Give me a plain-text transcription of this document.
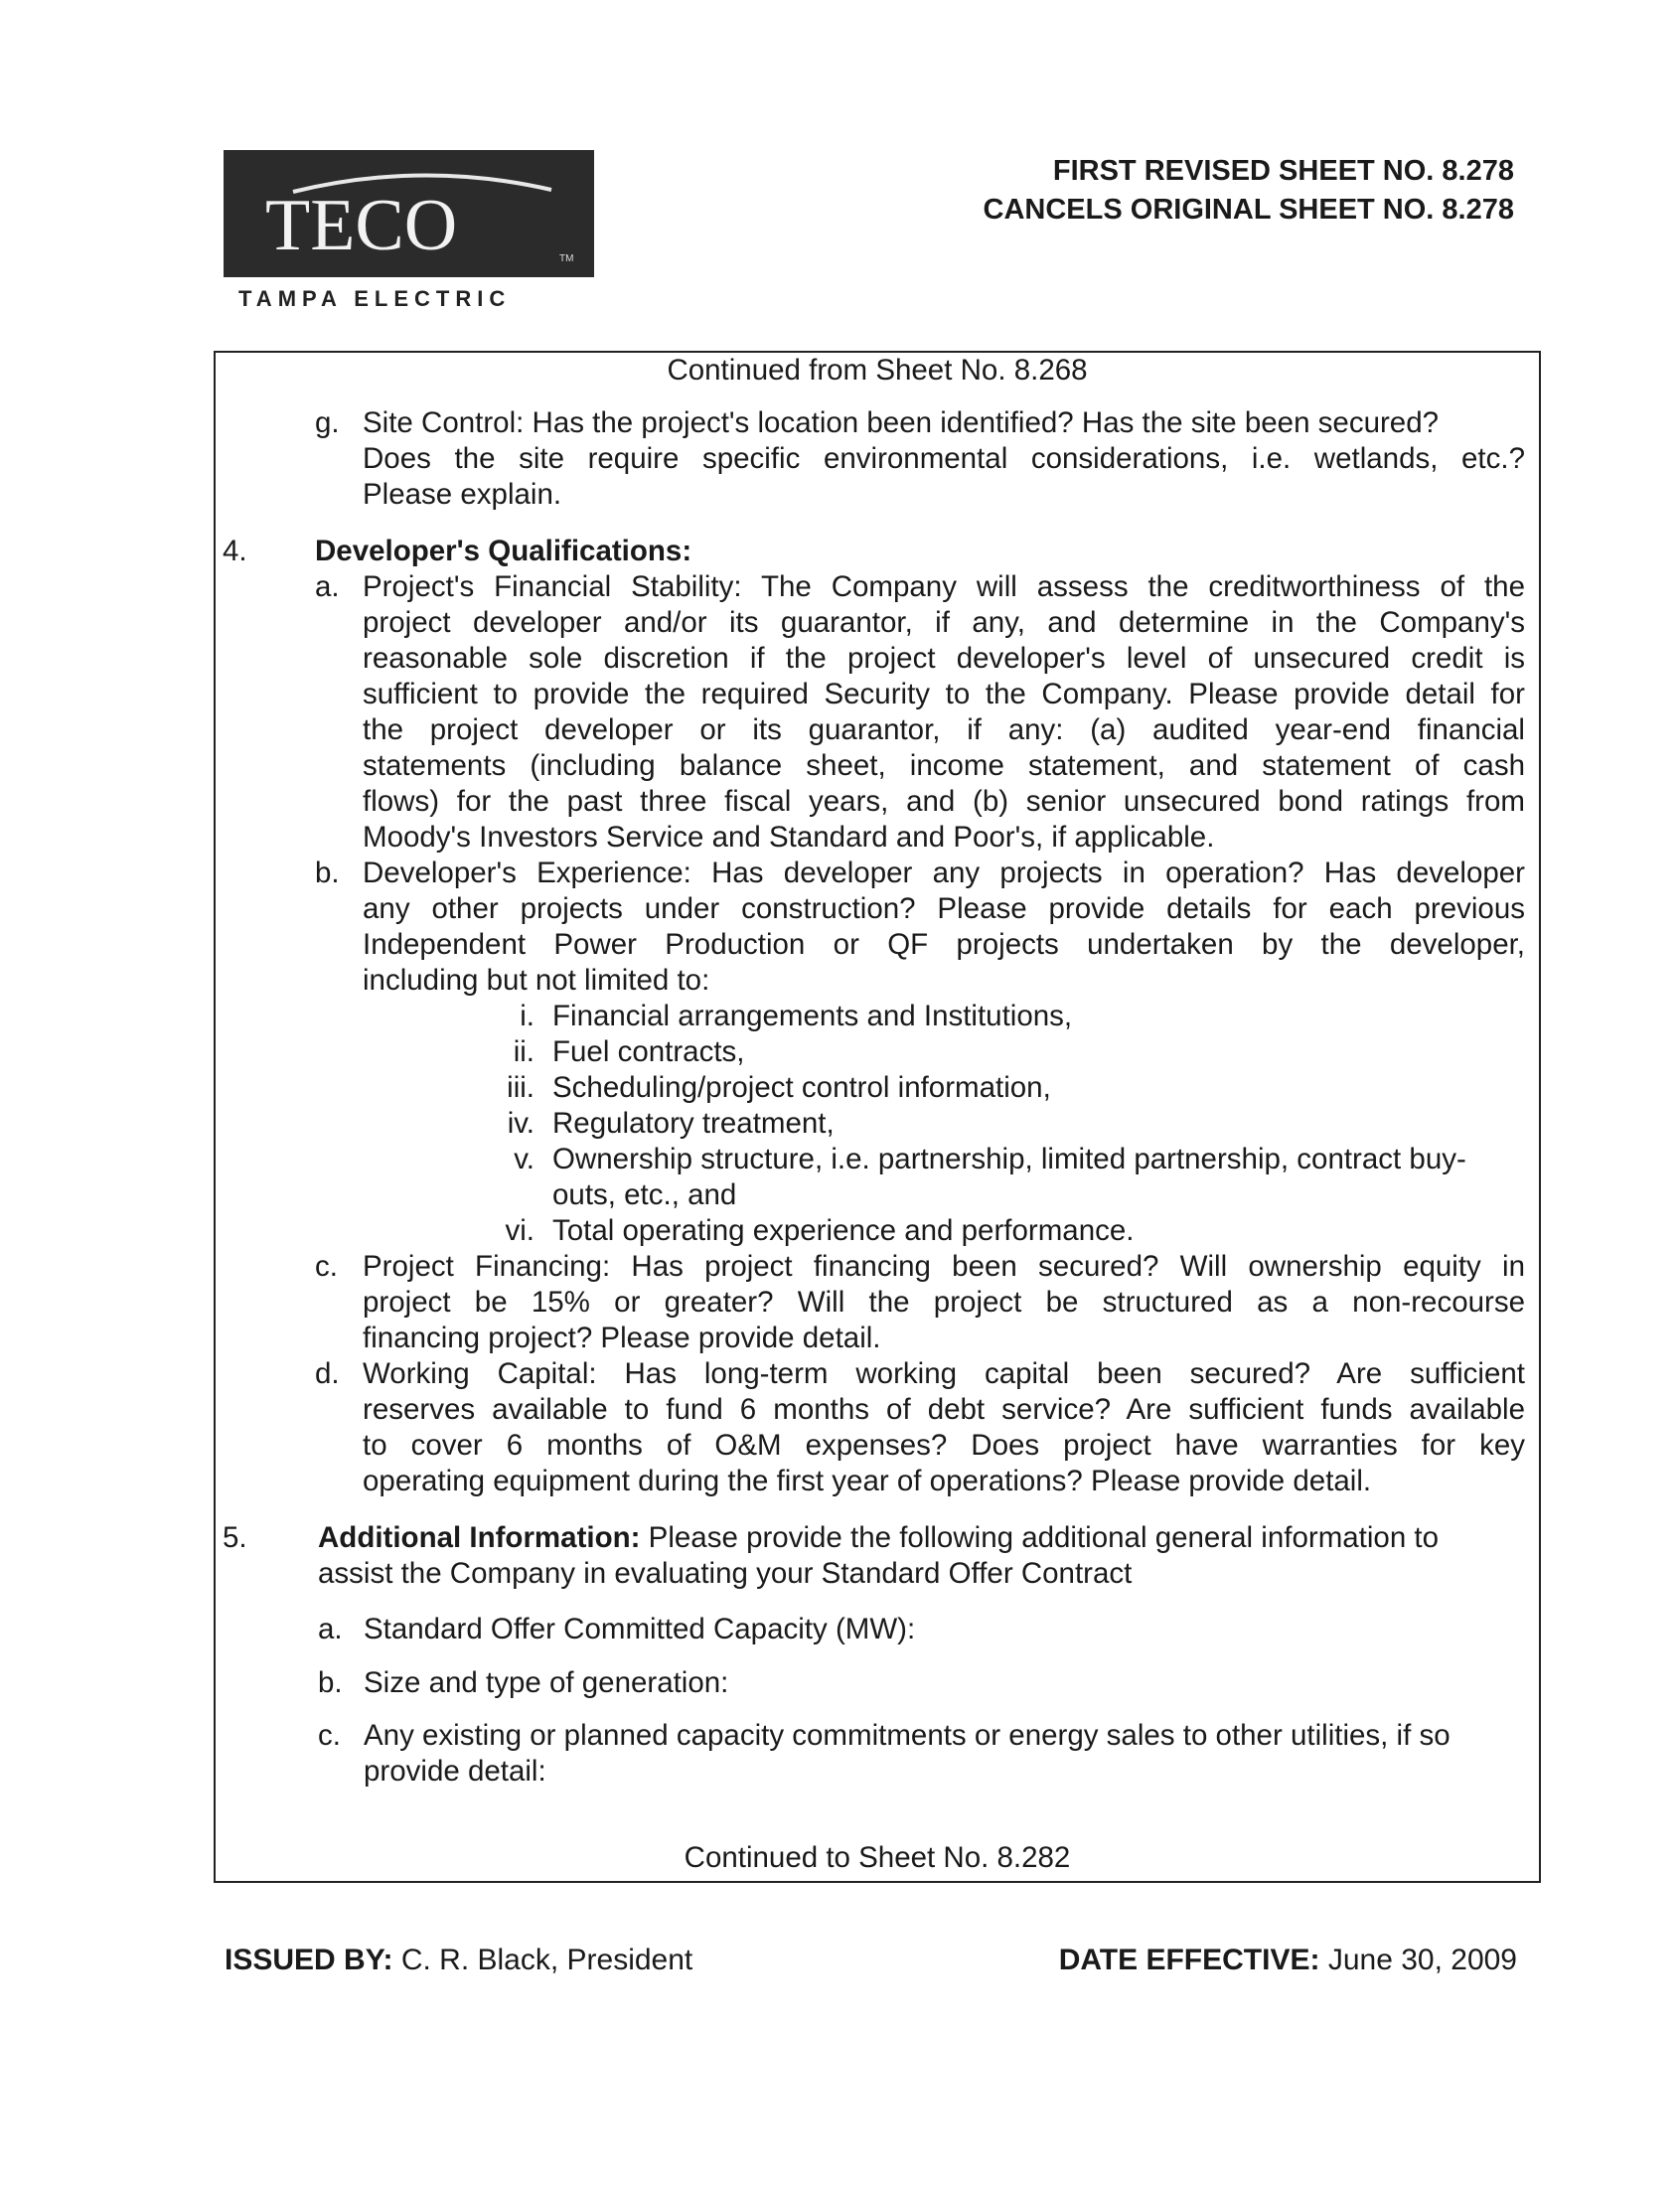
TECO	TM
TAMPA ELECTRIC
FIRST REVISED SHEET NO. 8.278
CANCELS ORIGINAL SHEET NO. 8.278
Continued from Sheet No. 8.268
g. Site Control: Has the project's location been identified? Has the site been secured?
Does the site require specific environmental considerations, i.e. wetlands, etc.?
Please explain.
4. Developer's Qualifications:
a. Project's Financial Stability: The Company will assess the creditworthiness of the
project developer and/or its guarantor, if any, and determine in the Company's
reasonable sole discretion if the project developer's level of unsecured credit is
sufficient to provide the required Security to the Company. Please provide detail for
the project developer or its guarantor, if any: (a) audited year-end financial
statements (including balance sheet, income statement, and statement of cash
flows) for the past three fiscal years, and (b) senior unsecured bond ratings from
Moody's Investors Service and Standard and Poor's, if applicable.
b. Developer's Experience: Has developer any projects in operation? Has developer
any other projects under construction? Please provide details for each previous
Independent Power Production or QF projects undertaken by the developer,
including but not limited to:
i. Financial arrangements and Institutions,
ii. Fuel contracts,
iii. Scheduling/project control information,
iv. Regulatory treatment,
v. Ownership structure, i.e. partnership, limited partnership, contract buy-
outs, etc., and
vi. Total operating experience and performance.
c. Project Financing: Has project financing been secured? Will ownership equity in
project be 15% or greater? Will the project be structured as a non-recourse
financing project? Please provide detail.
d. Working Capital: Has long-term working capital been secured? Are sufficient
reserves available to fund 6 months of debt service? Are sufficient funds available
to cover 6 months of O&M expenses? Does project have warranties for key
operating equipment during the first year of operations? Please provide detail.
5. Additional Information: Please provide the following additional general information to
assist the Company in evaluating your Standard Offer Contract
a. Standard Offer Committed Capacity (MW):
b. Size and type of generation:
c. Any existing or planned capacity commitments or energy sales to other utilities, if so
provide detail:
Continued to Sheet No. 8.282
ISSUED BY: C. R. Black, President	DATE EFFECTIVE: June 30, 2009
